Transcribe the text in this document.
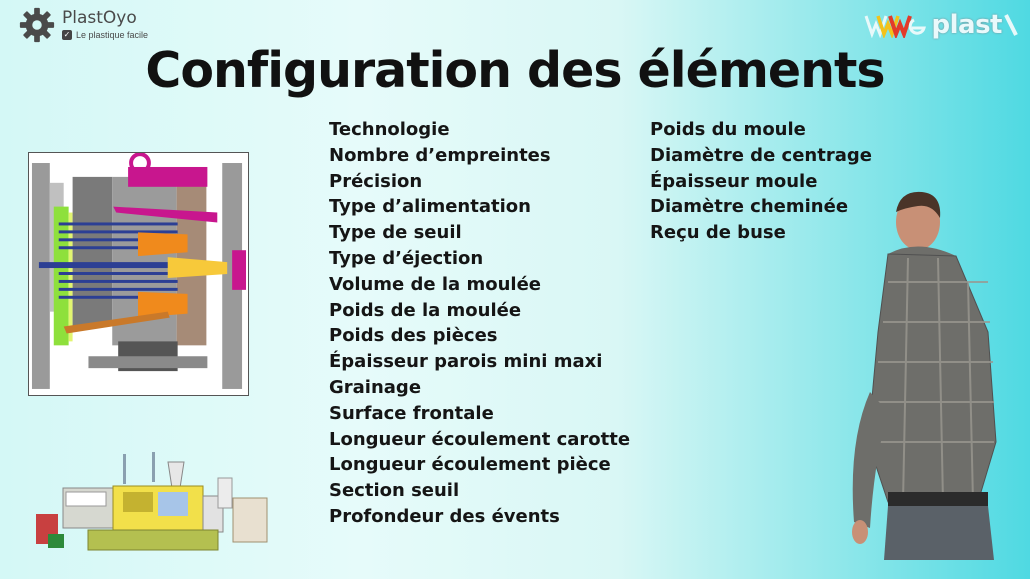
PlastOyo
✓ Le plastique facile	plast
Configuration des éléments
Technologie
Nombre d’empreintes
Précision
Type d’alimentation
Type de seuil
Type d’éjection
Volume de la moulée
Poids de la moulée
Poids des pièces
Épaisseur parois mini maxi
Grainage
Surface frontale
Longueur écoulement carotte
Longueur écoulement pièce
Section seuil
Profondeur des évents
Poids du moule
Diamètre de centrage
Épaisseur moule
Diamètre cheminée
Reçu de buse
